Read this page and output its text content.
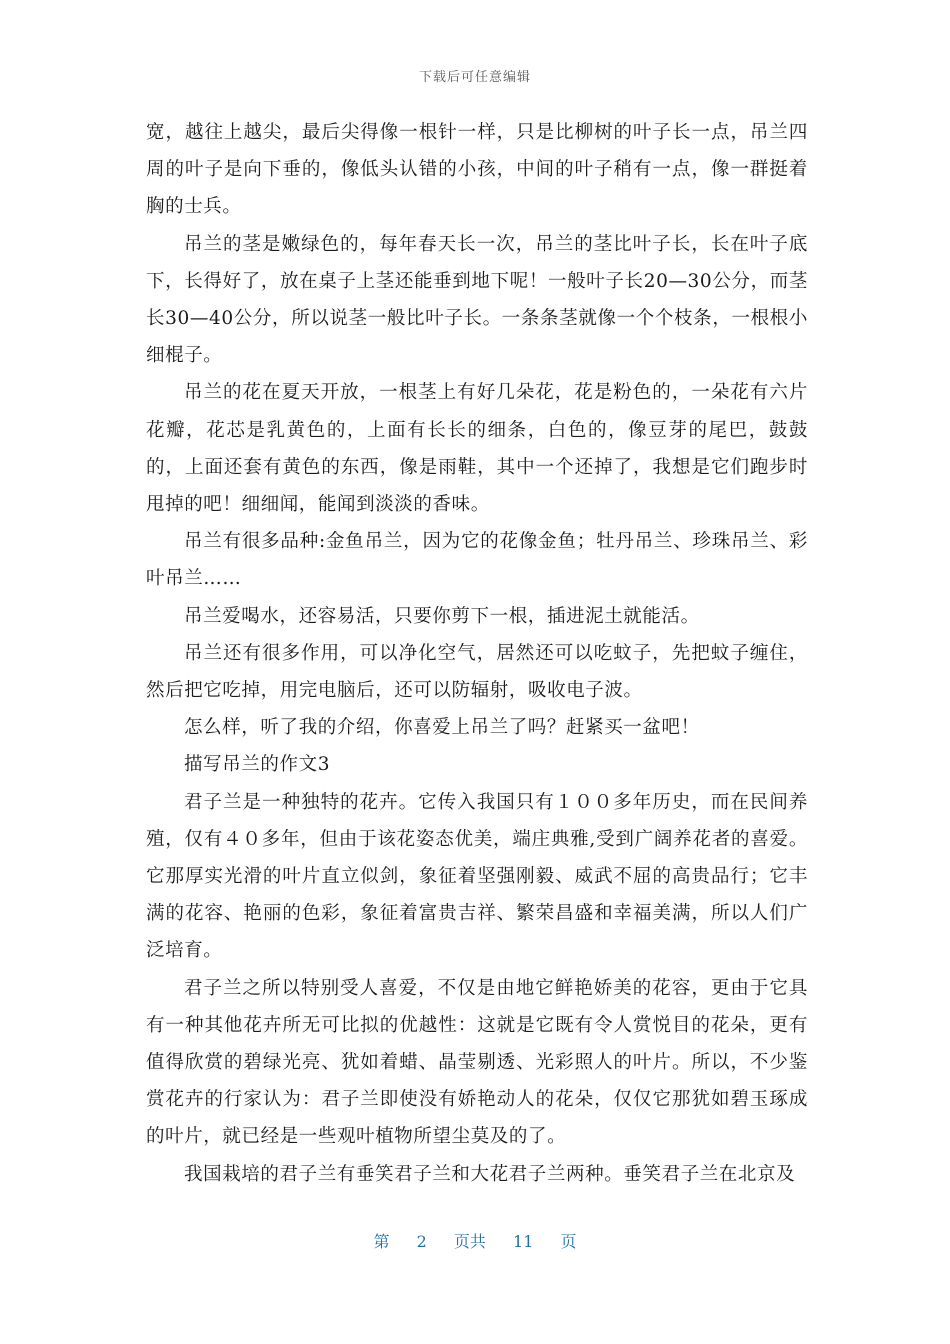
下载后可任意编辑

宽，越往上越尖，最后尖得像一根针一样，只是比柳树的叶子长一点，吊兰四周的叶子是向下垂的，像低头认错的小孩，中间的叶子稍有一点，像一群挺着胸的士兵。

吊兰的茎是嫩绿色的，每年春天长一次，吊兰的茎比叶子长，长在叶子底下，长得好了，放在桌子上茎还能垂到地下呢！一般叶子长20—30公分，而茎长30—40公分，所以说茎一般比叶子长。一条条茎就像一个个枝条，一根根小细棍子。

吊兰的花在夏天开放，一根茎上有好几朵花，花是粉色的，一朵花有六片花瓣，花芯是乳黄色的，上面有长长的细条，白色的，像豆芽的尾巴，鼓鼓的，上面还套有黄色的东西，像是雨鞋，其中一个还掉了，我想是它们跑步时甩掉的吧！细细闻，能闻到淡淡的香味。

吊兰有很多品种:金鱼吊兰，因为它的花像金鱼；牡丹吊兰、珍珠吊兰、彩叶吊兰……

吊兰爱喝水，还容易活，只要你剪下一根，插进泥土就能活。

吊兰还有很多作用，可以净化空气，居然还可以吃蚊子，先把蚊子缠住，然后把它吃掉，用完电脑后，还可以防辐射，吸收电子波。

怎么样，听了我的介绍，你喜爱上吊兰了吗？赶紧买一盆吧！

描写吊兰的作文3

君子兰是一种独特的花卉。它传入我国只有１００多年历史，而在民间养殖，仅有４０多年，但由于该花姿态优美，端庄典雅,受到广阔养花者的喜爱。它那厚实光滑的叶片直立似剑，象征着坚强刚毅、威武不屈的高贵品行；它丰满的花容、艳丽的色彩，象征着富贵吉祥、繁荣昌盛和幸福美满，所以人们广泛培育。

君子兰之所以特别受人喜爱，不仅是由地它鲜艳娇美的花容，更由于它具有一种其他花卉所无可比拟的优越性：这就是它既有令人赏悦目的花朵，更有值得欣赏的碧绿光亮、犹如着蜡、晶莹剔透、光彩照人的叶片。所以，不少鉴赏花卉的行家认为：君子兰即使没有娇艳动人的花朵，仅仅它那犹如碧玉琢成的叶片，就已经是一些观叶植物所望尘莫及的了。

我国栽培的君子兰有垂笑君子兰和大花君子兰两种。垂笑君子兰在北京及

第 2 页共 11 页
